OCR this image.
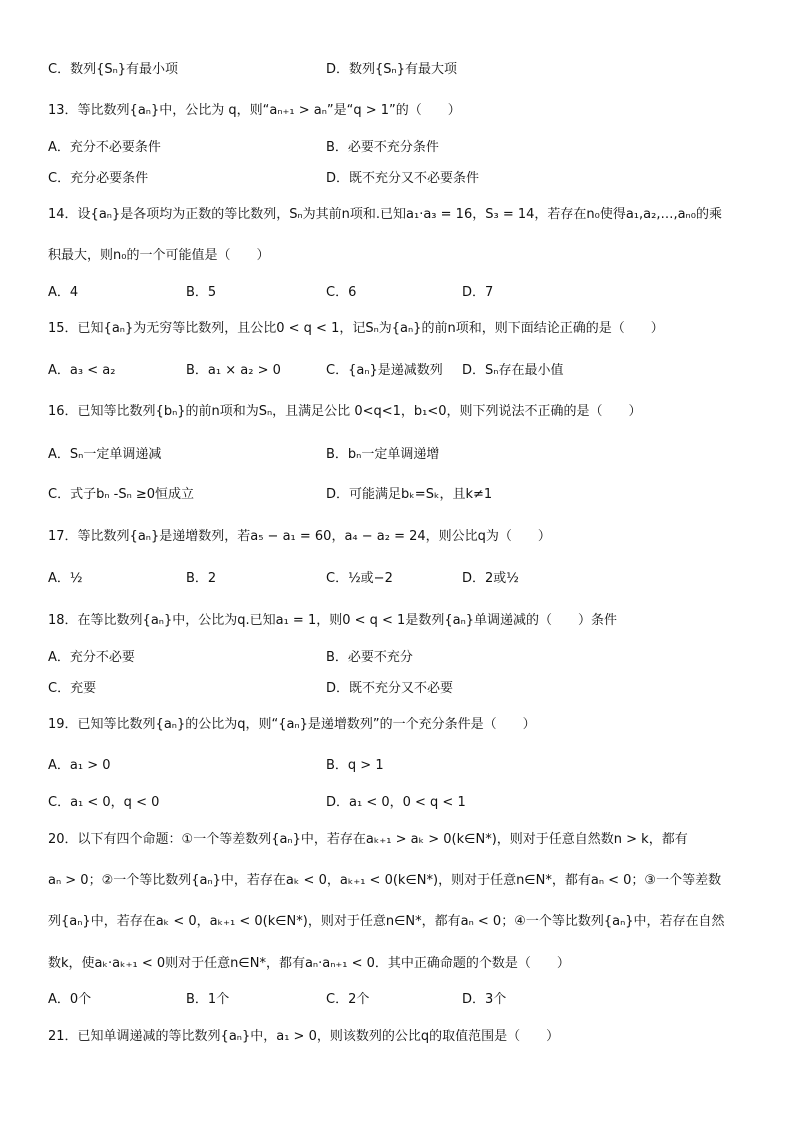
C．数列{Sₙ}有最小项	D．数列{Sₙ}有最大项
13．等比数列{aₙ}中，公比为 q，则“aₙ₊₁ > aₙ”是“q > 1”的（　　）
A．充分不必要条件	B．必要不充分条件
C．充分必要条件	D．既不充分又不必要条件
14．设{aₙ}是各项均为正数的等比数列，Sₙ为其前n项和.已知a₁·a₃ = 16，S₃ = 14，若存在n₀使得a₁,a₂,…,aₙ₀的乘
积最大，则n₀的一个可能值是（　　）
A．4	B．5	C．6	D．7
15．已知{aₙ}为无穷等比数列，且公比0 < q < 1，记Sₙ为{aₙ}的前n项和，则下面结论正确的是（　　）
A．a₃ < a₂	B．a₁ × a₂ > 0	C．{aₙ}是递减数列 D．Sₙ存在最小值
16．已知等比数列{bₙ}的前n项和为Sₙ，且满足公比 0<q<1，b₁<0，则下列说法不正确的是（　　）
A．Sₙ一定单调递减	B．bₙ一定单调递增
C．式子bₙ -Sₙ ≥0恒成立	D．可能满足bₖ=Sₖ，且k≠1
17．等比数列{aₙ}是递增数列，若a₅ − a₁ = 60，a₄ − a₂ = 24，则公比q为（　　）
A．½	B．2	C．½或−2	D．2或½
18．在等比数列{aₙ}中，公比为q.已知a₁ = 1，则0 < q < 1是数列{aₙ}单调递减的（　　）条件
A．充分不必要	B．必要不充分
C．充要	D．既不充分又不必要
19．已知等比数列{aₙ}的公比为q，则“{aₙ}是递增数列”的一个充分条件是（　　）
A．a₁ > 0	B．q > 1
C．a₁ < 0，q < 0	D．a₁ < 0，0 < q < 1
20．以下有四个命题：①一个等差数列{aₙ}中，若存在aₖ₊₁ > aₖ > 0(k∈N*)，则对于任意自然数n > k，都有
aₙ > 0；②一个等比数列{aₙ}中，若存在aₖ < 0，aₖ₊₁ < 0(k∈N*)，则对于任意n∈N*，都有aₙ < 0；③一个等差数
列{aₙ}中，若存在aₖ < 0，aₖ₊₁ < 0(k∈N*)，则对于任意n∈N*，都有aₙ < 0；④一个等比数列{aₙ}中，若存在自然
数k，使aₖ·aₖ₊₁ < 0则对于任意n∈N*，都有aₙ·aₙ₊₁ < 0．其中正确命题的个数是（　　）
A．0个	B．1个	C．2个	D．3个
21．已知单调递减的等比数列{aₙ}中，a₁ > 0，则该数列的公比q的取值范围是（　　）
